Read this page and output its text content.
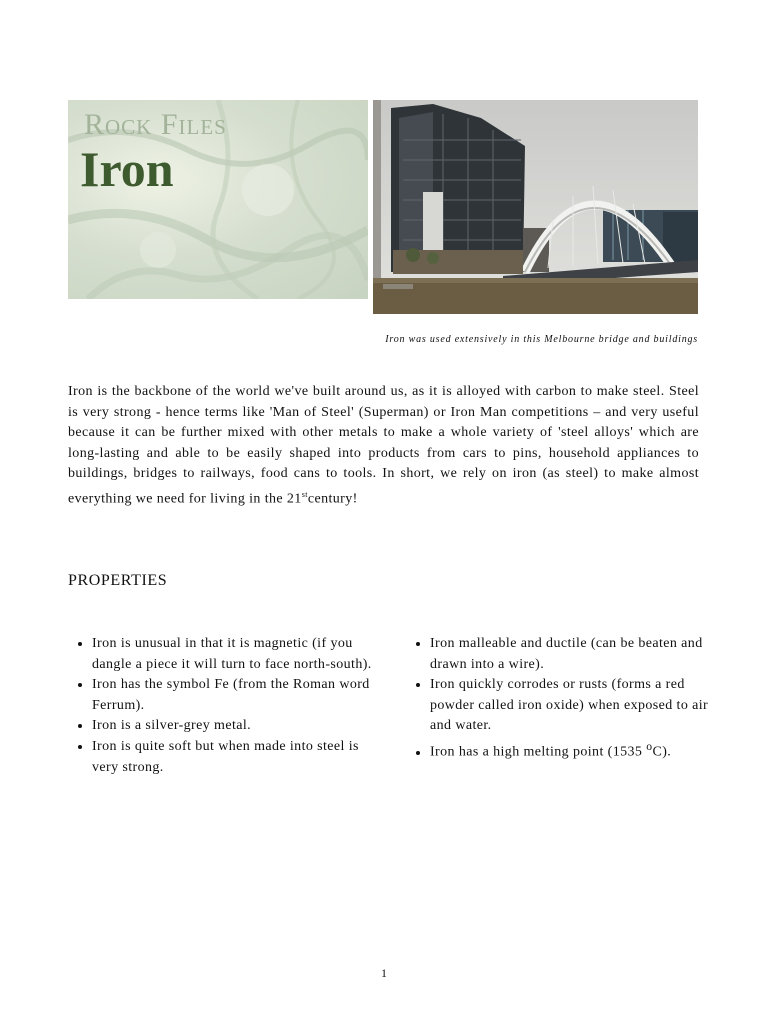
Rock Files
Iron
Iron was used extensively in this Melbourne bridge and buildings

Iron is the backbone of the world we've built around us, as it is alloyed with carbon to make steel. Steel is very strong - hence terms like 'Man of Steel' (Superman) or Iron Man competitions – and very useful because it can be further mixed with other metals to make a whole variety of 'steel alloys' which are long-lasting and able to be easily shaped into products from cars to pins, household appliances to buildings, bridges to railways, food cans to tools. In short, we rely on iron (as steel) to make almost everything we need for living in the 21stcentury!

PROPERTIES
• Iron is unusual in that it is magnetic (if you dangle a piece it will turn to face north-south).
• Iron has the symbol Fe (from the Roman word Ferrum).
• Iron is a silver-grey metal.
• Iron is quite soft but when made into steel is very strong.
• Iron malleable and ductile (can be beaten and drawn into a wire).
• Iron quickly corrodes or rusts (forms a red powder called iron oxide) when exposed to air and water.
• Iron has a high melting point (1535 $^o$C).
1
